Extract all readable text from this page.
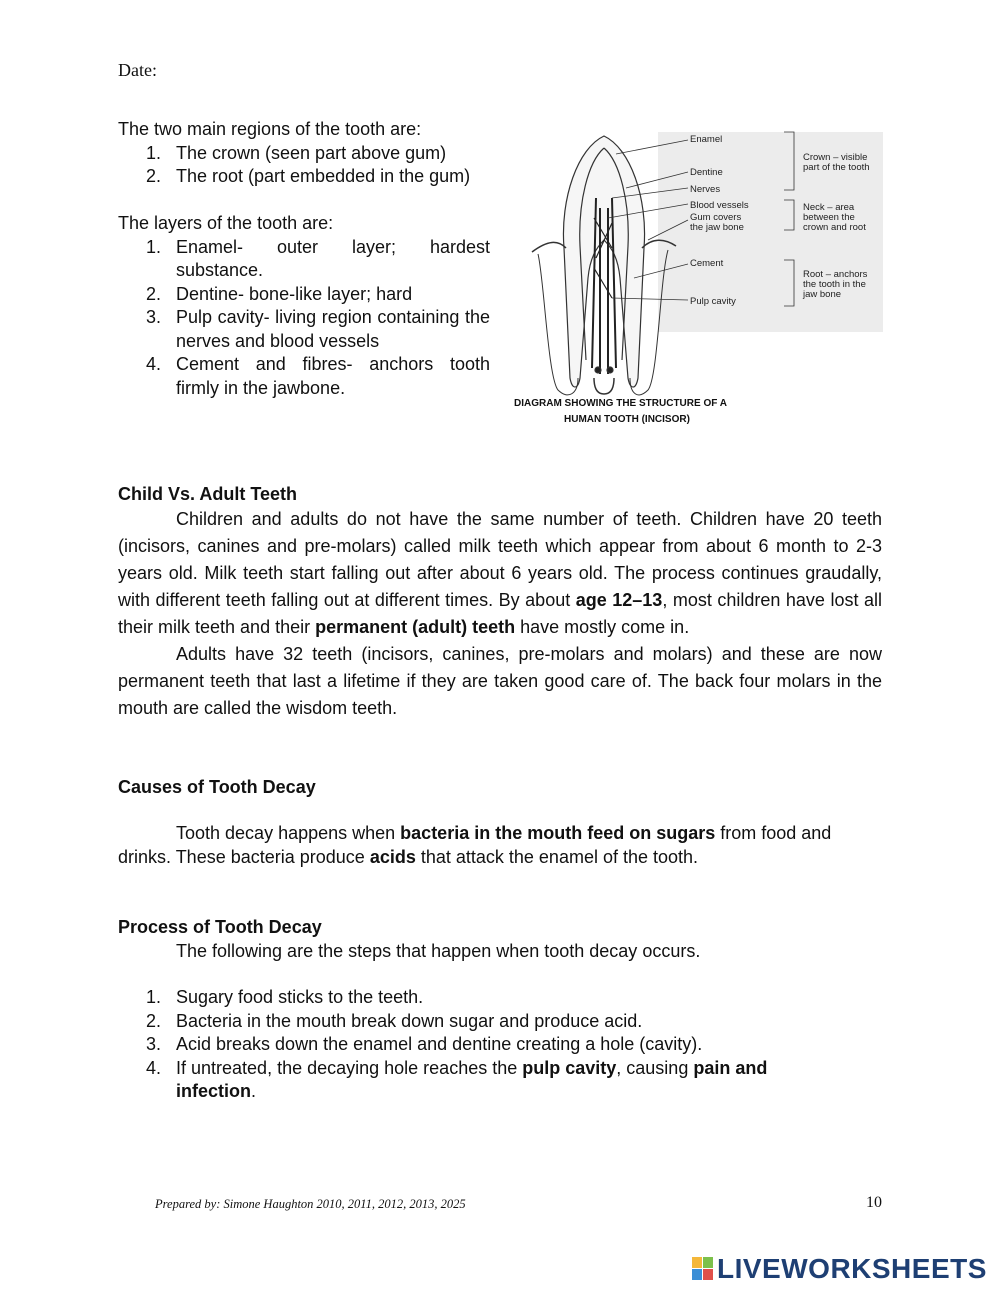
Date:
The two main regions of the tooth are:
1. The crown (seen part above gum)
2. The root (part embedded in the gum)
The layers of the tooth are:
1. Enamel- outer layer; hardest substance.
2. Dentine- bone-like layer; hard
3. Pulp cavity- living region containing the nerves and blood vessels
4. Cement and fibres- anchors tooth firmly in the jawbone.
Enamel
Dentine
Nerves
Blood vessels
Gum covers
the jaw bone
Cement
Pulp cavity
Crown – visible
part of the tooth
Neck – area
between the
crown and root
Root – anchors
the tooth in the
jaw bone
DIAGRAM SHOWING THE STRUCTURE OF A
HUMAN TOOTH (INCISOR)
Child Vs. Adult Teeth
Children and adults do not have the same number of teeth. Children have 20 teeth (incisors, canines and pre-molars) called milk teeth which appear from about 6 month to 2-3 years old. Milk teeth start falling out after about 6 years old. The process continues graudally, with different teeth falling out at different times. By about age 12–13, most children have lost all their milk teeth and their permanent (adult) teeth have mostly come in.
Adults have 32 teeth (incisors, canines, pre-molars and molars) and these are now permanent teeth that last a lifetime if they are taken good care of. The back four molars in the mouth are called the wisdom teeth.
Causes of Tooth Decay
Tooth decay happens when bacteria in the mouth feed on sugars from food and drinks. These bacteria produce acids that attack the enamel of the tooth.
Process of Tooth Decay
The following are the steps that happen when tooth decay occurs.
1. Sugary food sticks to the teeth.
2. Bacteria in the mouth break down sugar and produce acid.
3. Acid breaks down the enamel and dentine creating a hole (cavity).
4. If untreated, the decaying hole reaches the pulp cavity, causing pain and infection.
Prepared by: Simone Haughton 2010, 2011, 2012, 2013, 2025	10
LIVEWORKSHEETS
